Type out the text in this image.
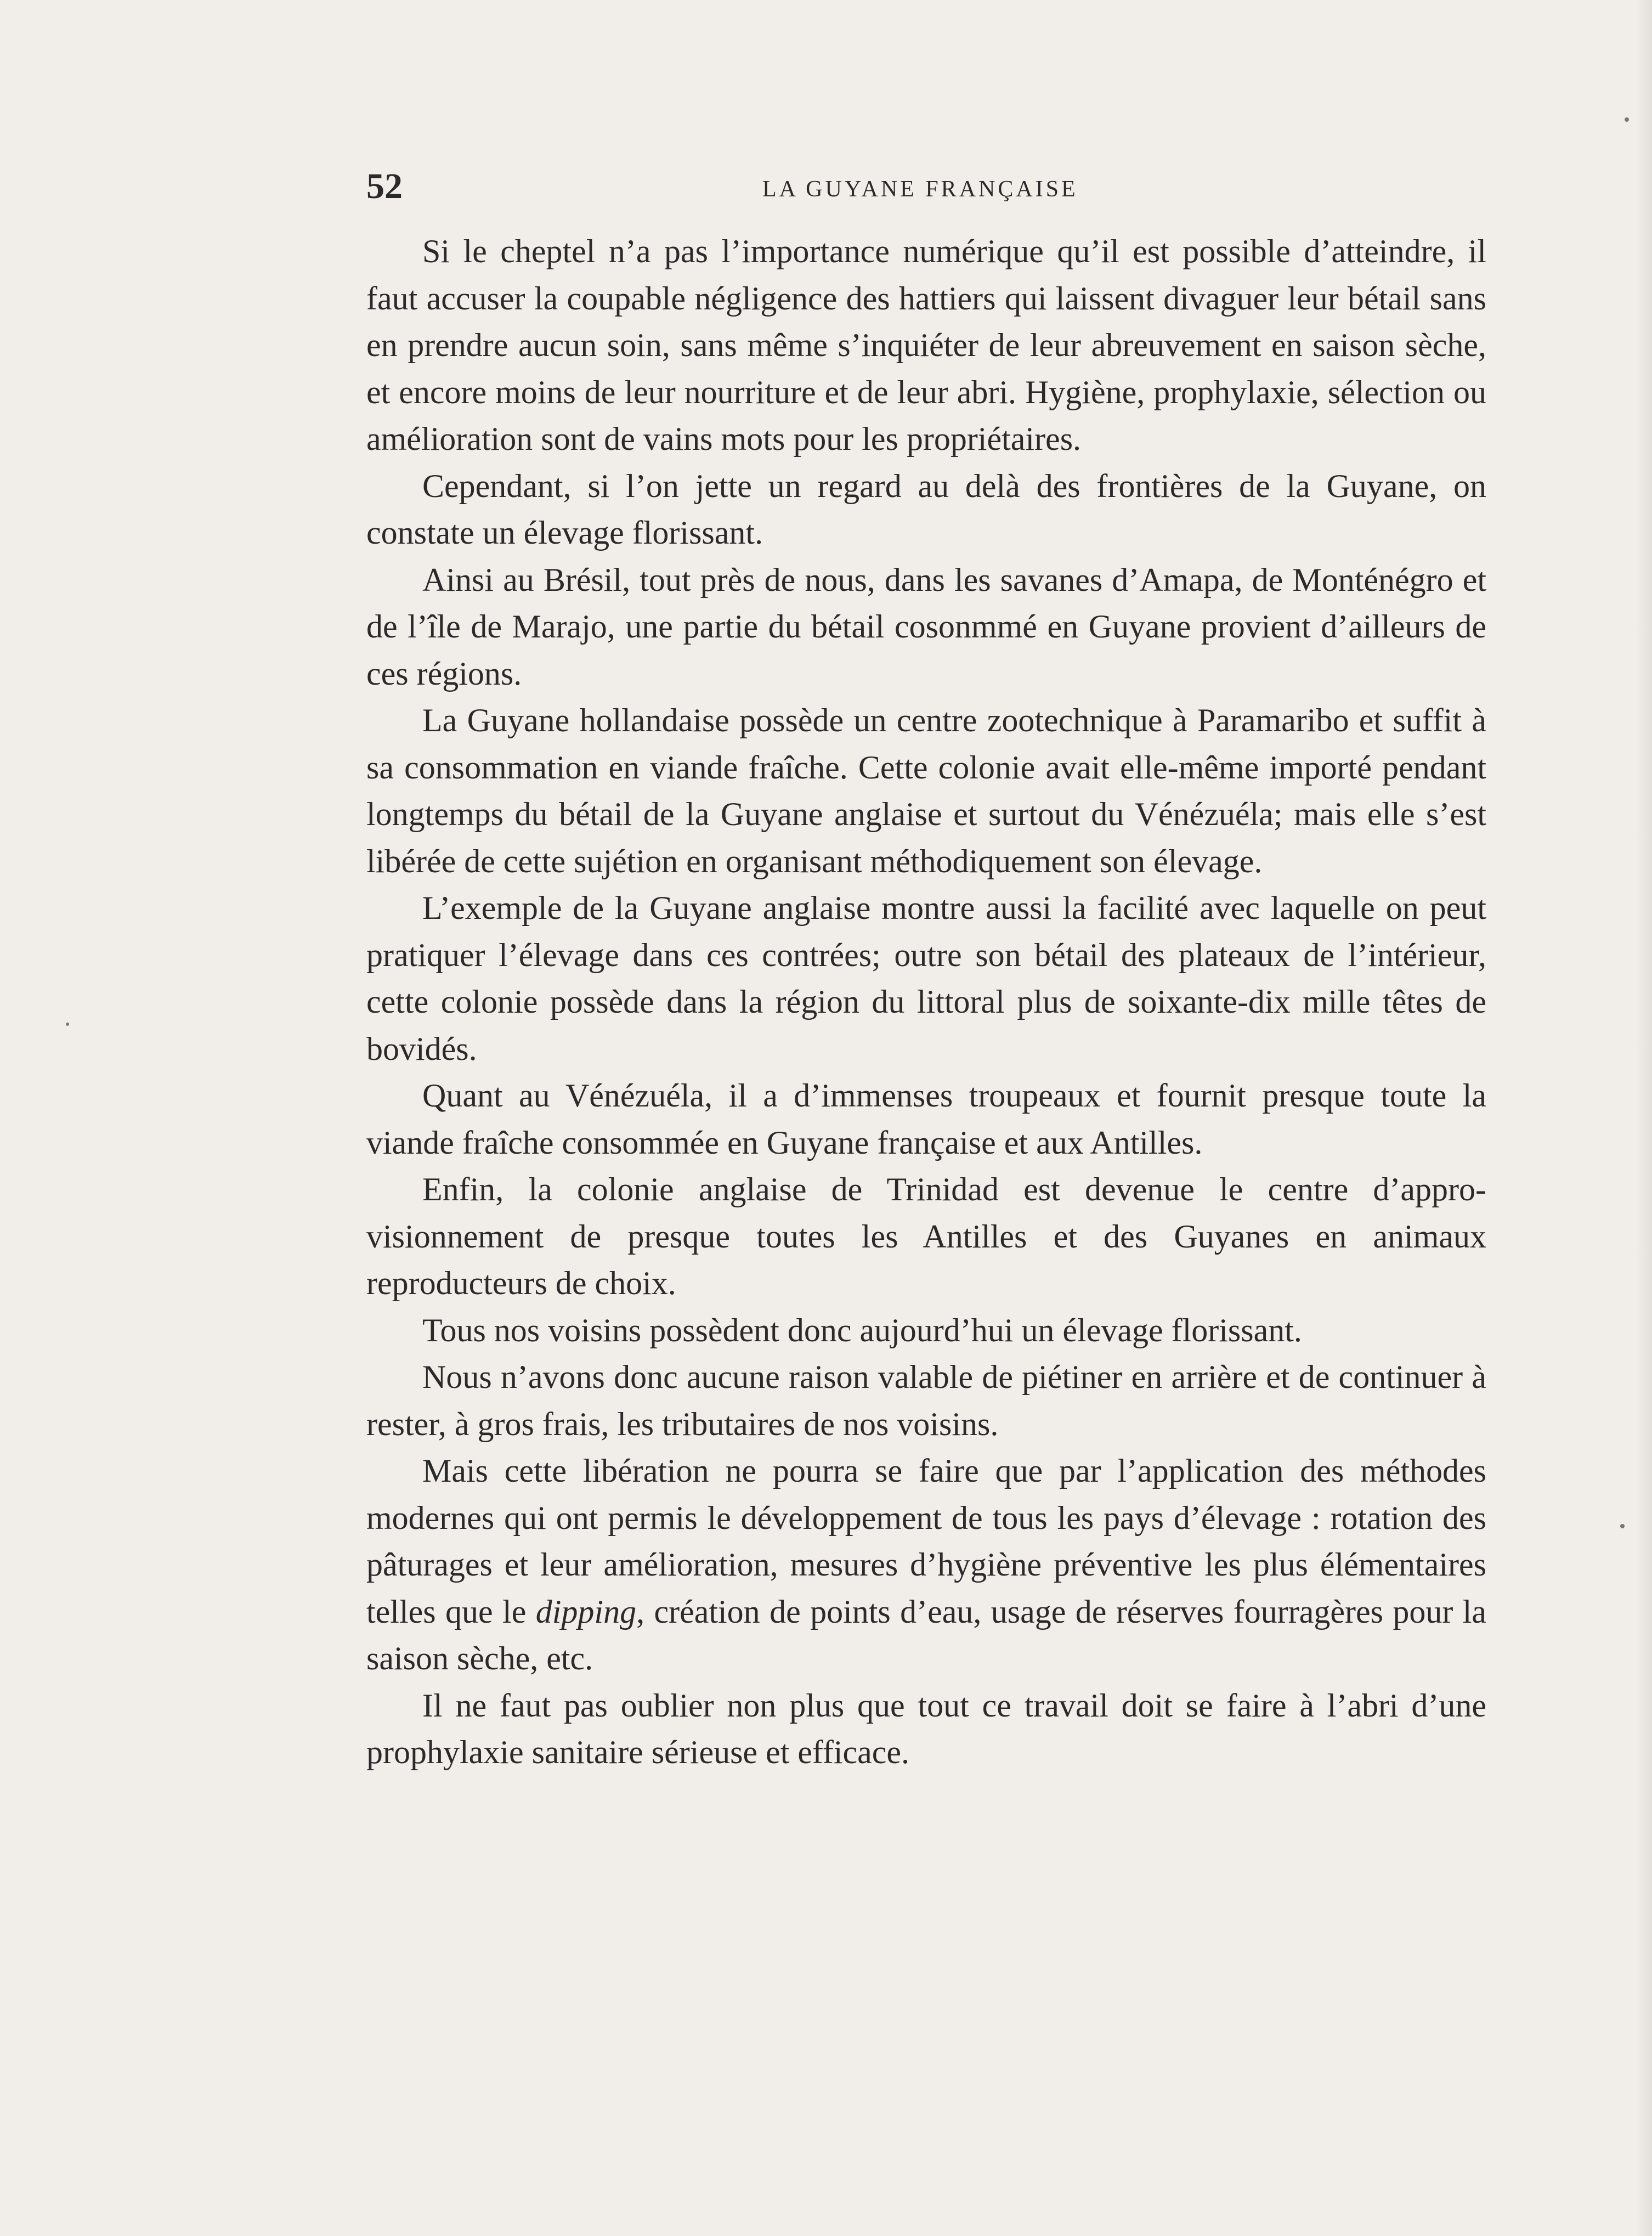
52	LA GUYANE FRANÇAISE

Si le cheptel n’a pas l’importance numérique qu’il est possible d’atteindre, il faut accuser la coupable négligence des hattiers qui laissent divaguer leur bétail sans en prendre aucun soin, sans même s’inquiéter de leur abreuvement en saison sèche, et encore moins de leur nourriture et de leur abri. Hygiène, prophylaxie, sélection ou amélioration sont de vains mots pour les propriétaires.

Cependant, si l’on jette un regard au delà des frontières de la Guyane, on constate un élevage florissant.

Ainsi au Brésil, tout près de nous, dans les savanes d’Amapa, de Monténégro et de l’île de Marajo, une partie du bétail cosonmmé en Guyane provient d’ailleurs de ces régions.

La Guyane hollandaise possède un centre zootechnique à Paramaribo et suffit à sa consommation en viande fraîche. Cette colonie avait elle-même importé pendant longtemps du bétail de la Guyane anglaise et surtout du Vénézuéla; mais elle s’est libérée de cette sujétion en organisant méthodiquement son élevage.

L’exemple de la Guyane anglaise montre aussi la facilité avec laquelle on peut pratiquer l’élevage dans ces contrées; outre son bétail des plateaux de l’intérieur, cette colonie possède dans la région du littoral plus de soixante-dix mille têtes de bovidés.

Quant au Vénézuéla, il a d’immenses troupeaux et fournit presque toute la viande fraîche consommée en Guyane française et aux Antilles.

Enfin, la colonie anglaise de Trinidad est devenue le centre d’approvisionnement de presque toutes les Antilles et des Guyanes en animaux reproducteurs de choix.

Tous nos voisins possèdent donc aujourd’hui un élevage florissant.

Nous n’avons donc aucune raison valable de piétiner en arrière et de continuer à rester, à gros frais, les tributaires de nos voisins.

Mais cette libération ne pourra se faire que par l’application des méthodes modernes qui ont permis le développement de tous les pays d’élevage : rotation des pâturages et leur amélioration, mesures d’hygiène préventive les plus élémentaires telles que le dipping, création de points d’eau, usage de réserves fourragères pour la saison sèche, etc.

Il ne faut pas oublier non plus que tout ce travail doit se faire à l’abri d’une prophylaxie sanitaire sérieuse et efficace.
